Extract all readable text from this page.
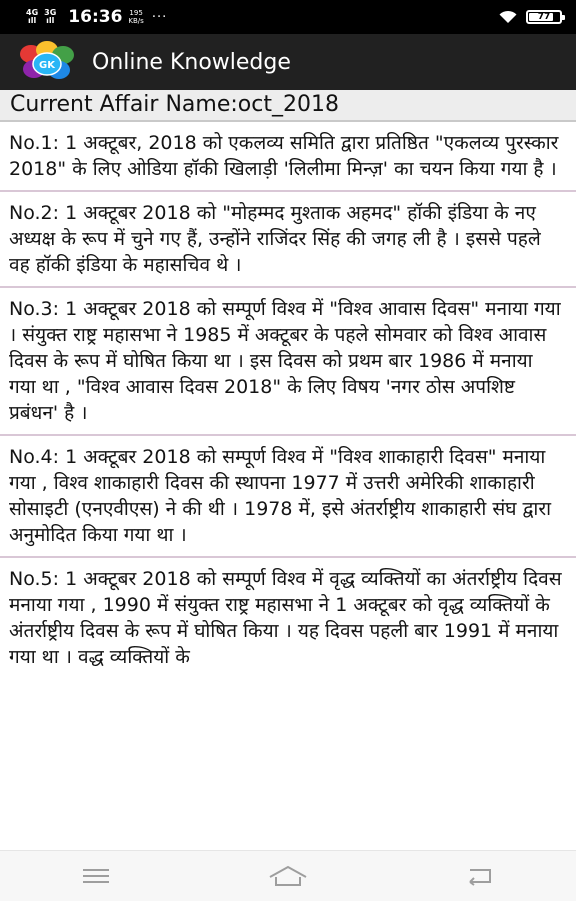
4G
ıll
3G
ıll 16:36 195
KB/s ···	77
GK Online Knowledge
Current Affair Name:oct_2018
No.1: 1 अक्टूबर, 2018 को एकलव्य समिति द्वारा प्रतिष्ठित "एकलव्य पुरस्कार 2018" के लिए ओडिया हॉकी खिलाड़ी 'लिलीमा मिन्ज़' का चयन किया गया है ।
No.2: 1 अक्टूबर 2018 को "मोहम्मद मुश्ताक अहमद" हॉकी इंडिया के नए अध्यक्ष के रूप में चुने गए हैं, उन्होंने राजिंदर सिंह की जगह ली है । इससे पहले वह हॉकी इंडिया के महासचिव थे ।
No.3: 1 अक्टूबर 2018 को सम्पूर्ण विश्व में "विश्व आवास दिवस" मनाया गया । संयुक्त राष्ट्र महासभा ने 1985 में अक्टूबर के पहले सोमवार को विश्व आवास दिवस के रूप में घोषित किया था । इस दिवस को प्रथम बार 1986 में मनाया गया था , "विश्व आवास दिवस 2018" के लिए विषय 'नगर ठोस अपशिष्ट प्रबंधन' है ।
No.4: 1 अक्टूबर 2018 को सम्पूर्ण विश्व में "विश्व शाकाहारी दिवस" मनाया गया , विश्व शाकाहारी दिवस की स्थापना 1977 में उत्तरी अमेरिकी शाकाहारी सोसाइटी (एनएवीएस) ने की थी । 1978 में, इसे अंतर्राष्ट्रीय शाकाहारी संघ द्वारा अनुमोदित किया गया था ।
No.5: 1 अक्टूबर 2018 को सम्पूर्ण विश्व में वृद्ध व्यक्तियों का अंतर्राष्ट्रीय दिवस मनाया गया , 1990 में संयुक्त राष्ट्र महासभा ने 1 अक्टूबर को वृद्ध व्यक्तियों के अंतर्राष्ट्रीय दिवस के रूप में घोषित किया । यह दिवस पहली बार 1991 में मनाया गया था । वद्ध व्यक्तियों के
